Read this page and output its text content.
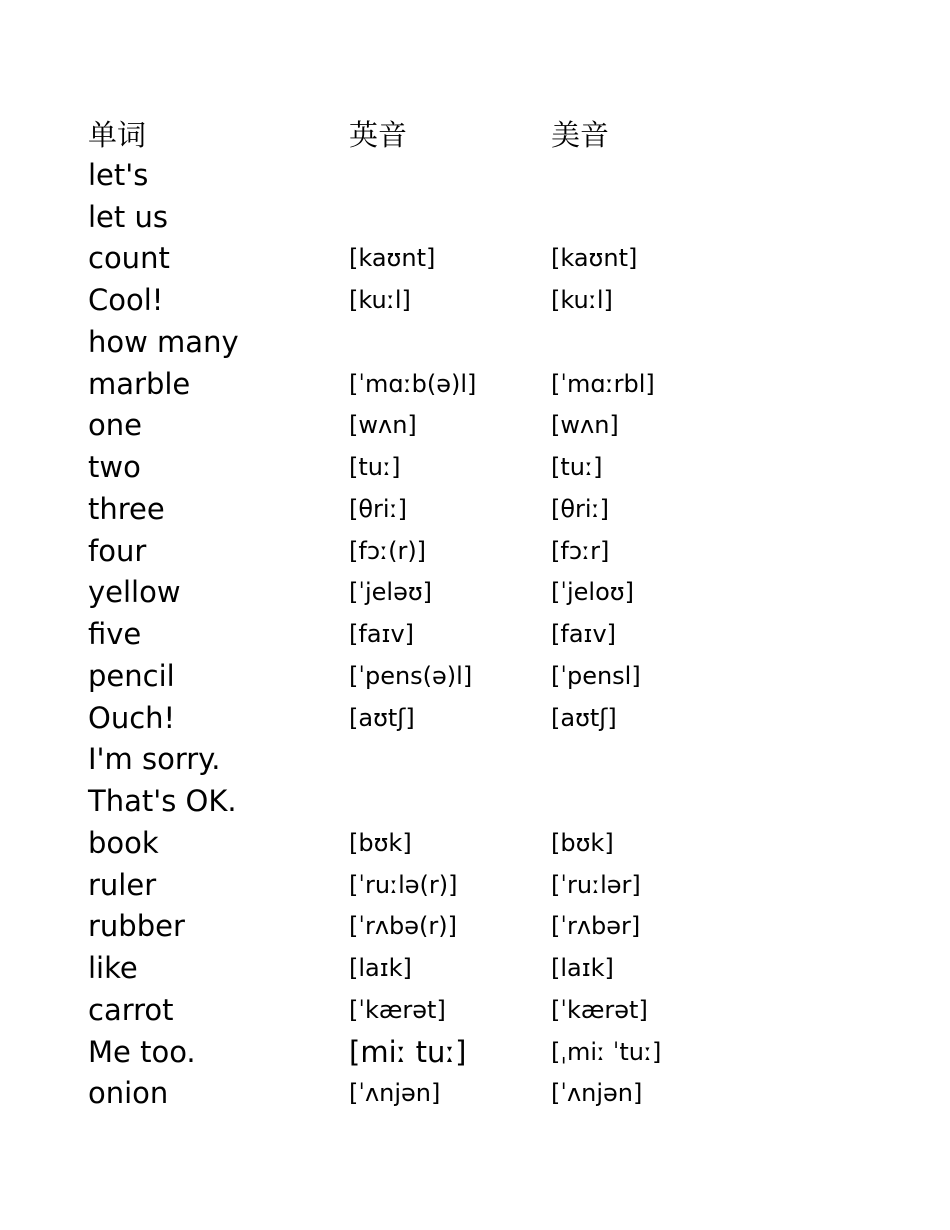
单词	英音	美音
let's
let us
count	[kaʊnt]	[kaʊnt]
Cool!	[kuːl]	[kuːl]
how many
marble	[ˈmɑːb(ə)l]	[ˈmɑːrbl]
one	[wʌn]	[wʌn]
two	[tuː]	[tuː]
three	[θriː]	[θriː]
four	[fɔː(r)]	[fɔːr]
yellow	[ˈjeləʊ]	[ˈjeloʊ]
five	[faɪv]	[faɪv]
pencil	[ˈpens(ə)l]	[ˈpensl]
Ouch!	[aʊtʃ]	[aʊtʃ]
I'm sorry.
That's OK.
book	[bʊk]	[bʊk]
ruler	[ˈruːlə(r)]	[ˈruːlər]
rubber	[ˈrʌbə(r)]	[ˈrʌbər]
like	[laɪk]	[laɪk]
carrot	[ˈkærət]	[ˈkærət]
Me too.	[miː tuː]	[ˌmiː ˈtuː]
onion	[ˈʌnjən]	[ˈʌnjən]
